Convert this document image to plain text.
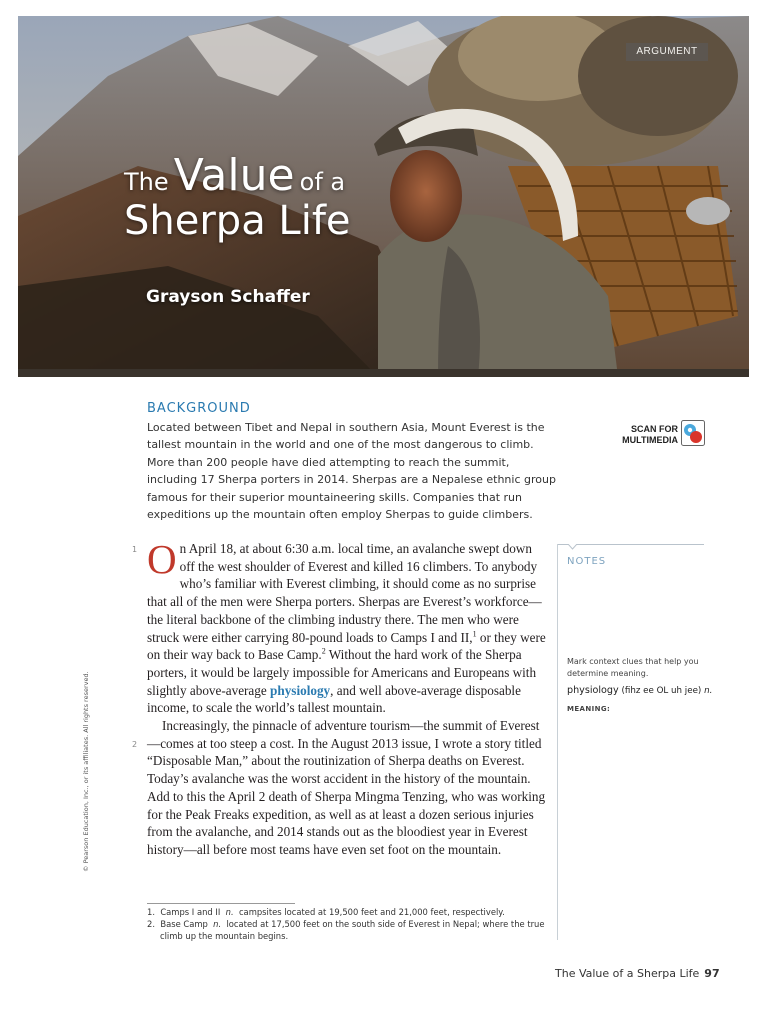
ARGUMENT
The Value of a
Sherpa Life
Grayson Schaffer
BACKGROUND
Located between Tibet and Nepal in southern Asia, Mount Everest is the tallest mountain in the world and one of the most dangerous to climb. More than 200 people have died attempting to reach the summit, including 17 Sherpa porters in 2014. Sherpas are a Nepalese ethnic group famous for their superior mountaineering skills. Companies that run expeditions up the mountain often employ Sherpas to guide climbers.
SCAN FOR
MULTIMEDIA
1
2

On April 18, at about 6:30 a.m. local time, an avalanche swept down off the west shoulder of Everest and killed 16 climbers. To anybody who’s familiar with Everest climbing, it should come as no surprise that all of the men were Sherpa porters. Sherpas are Everest’s workforce—the literal backbone of the climbing industry there. The men who were struck were either carrying 80-pound loads to Camps I and II,$^1$ or they were on their way back to Base Camp.$^2$ Without the hard work of the Sherpa porters, it would be largely impossible for Americans and Europeans with slightly above-average physiology, and well above-average disposable income, to scale the world’s tallest mountain.

Increasingly, the pinnacle of adventure tourism—the summit of Everest—comes at too steep a cost. In the August 2013 issue, I wrote a story titled “Disposable Man,” about the routinization of Sherpa deaths on Everest. Today’s avalanche was the worst accident in the history of the mountain. Add to this the April 2 death of Sherpa Mingma Tenzing, who was working for the Peak Freaks expedition, as well as at least a dozen serious injuries from the avalanche, and 2014 stands out as the bloodiest year in Everest history—all before most teams have even set foot on the mountain.

1. Camps I and II n. campsites located at 19,500 feet and 21,000 feet, respectively.
2. Base Camp n. located at 17,500 feet on the south side of Everest in Nepal; where the true climb up the mountain begins.
NOTES
Mark context clues that help you determine meaning.
physiology (fihz ee OL uh jee) n.
MEANING:
© Pearson Education, Inc., or its affiliates. All rights reserved.
The Value of a Sherpa Life 97
